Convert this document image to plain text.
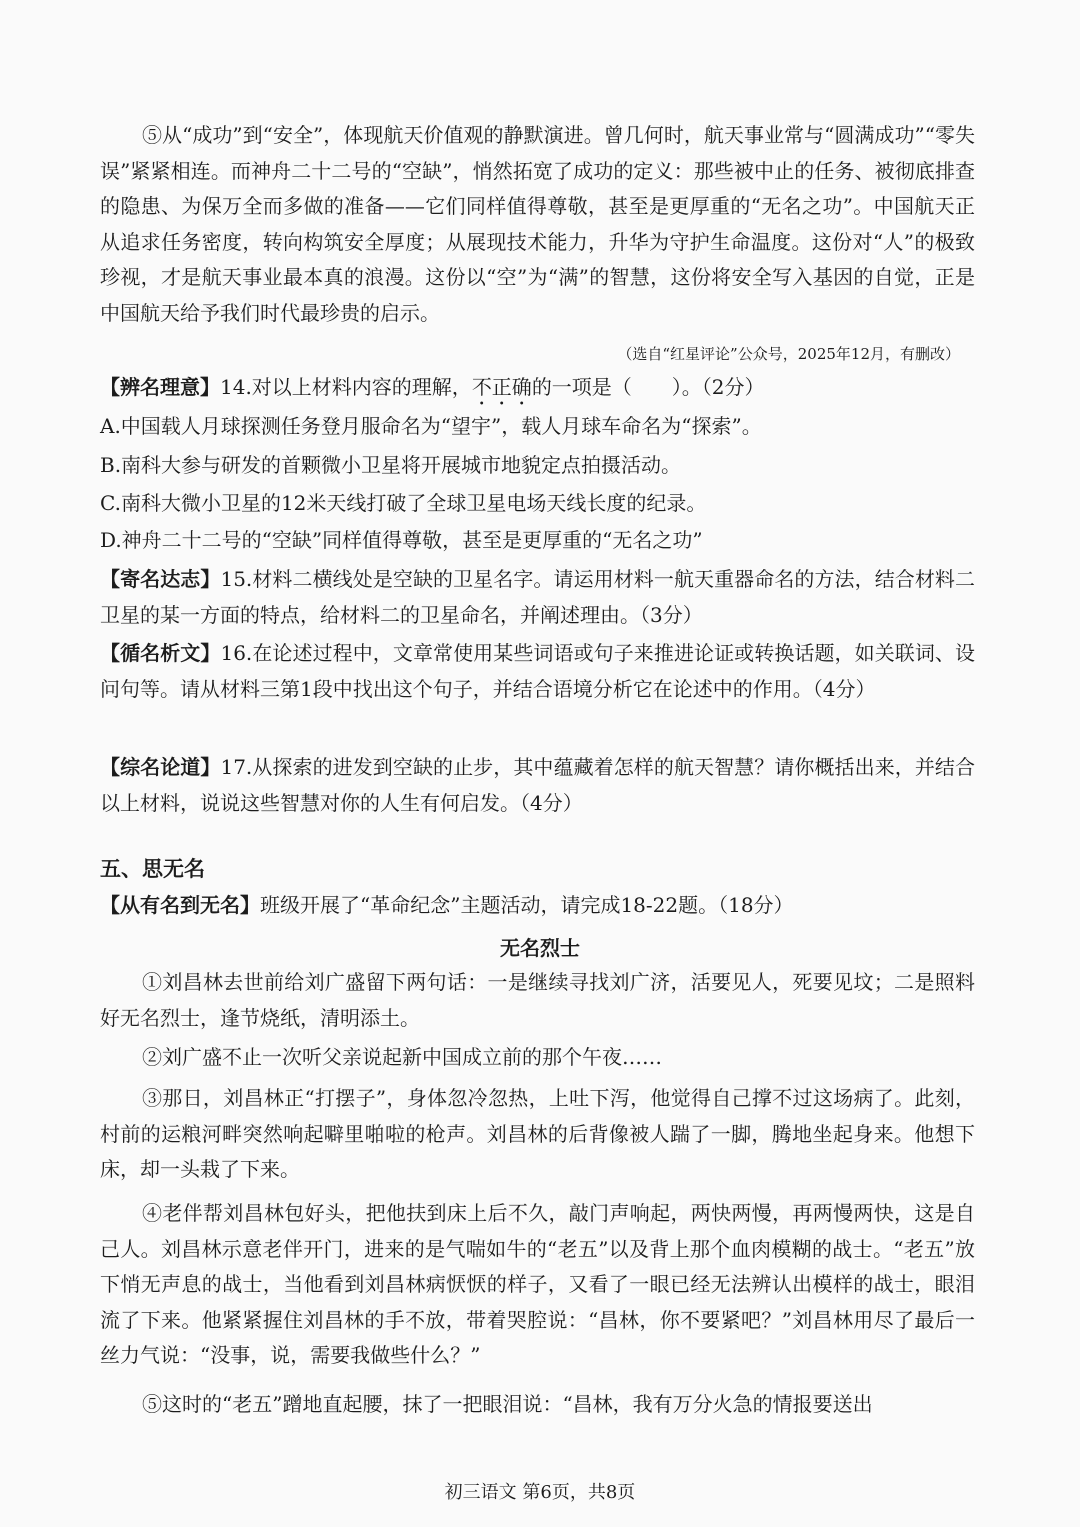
⑤从“成功”到“安全”，体现航天价值观的静默演进。曾几何时，航天事业常与“圆满成功”“零失误”紧紧相连。而神舟二十二号的“空缺”，悄然拓宽了成功的定义：那些被中止的任务、被彻底排查的隐患、为保万全而多做的准备——它们同样值得尊敬，甚至是更厚重的“无名之功”。中国航天正从追求任务密度，转向构筑安全厚度；从展现技术能力，升华为守护生命温度。这份对“人”的极致珍视，才是航天事业最本真的浪漫。这份以“空”为“满”的智慧，这份将安全写入基因的自觉，正是中国航天给予我们时代最珍贵的启示。
（选自“红星评论”公众号，2025年12月，有删改）
【辨名理意】14.对以上材料内容的理解，不正确的一项是（　　）。（2分）
A.中国载人月球探测任务登月服命名为“望宇”，载人月球车命名为“探索”。
B.南科大参与研发的首颗微小卫星将开展城市地貌定点拍摄活动。
C.南科大微小卫星的12米天线打破了全球卫星电场天线长度的纪录。
D.神舟二十二号的“空缺”同样值得尊敬，甚至是更厚重的“无名之功”
【寄名达志】15.材料二横线处是空缺的卫星名字。请运用材料一航天重器命名的方法，结合材料二卫星的某一方面的特点，给材料二的卫星命名，并阐述理由。（3分）
【循名析文】16.在论述过程中，文章常使用某些词语或句子来推进论证或转换话题，如关联词、设问句等。请从材料三第1段中找出这个句子，并结合语境分析它在论述中的作用。（4分）
【综名论道】17.从探索的进发到空缺的止步，其中蕴藏着怎样的航天智慧？请你概括出来，并结合以上材料，说说这些智慧对你的人生有何启发。（4分）
五、思无名
【从有名到无名】班级开展了“革命纪念”主题活动，请完成18-22题。（18分）
无名烈士
①刘昌林去世前给刘广盛留下两句话：一是继续寻找刘广济，活要见人，死要见坟；二是照料好无名烈士，逢节烧纸，清明添土。
②刘广盛不止一次听父亲说起新中国成立前的那个午夜……
③那日，刘昌林正“打摆子”，身体忽冷忽热，上吐下泻，他觉得自己撑不过这场病了。此刻，村前的运粮河畔突然响起噼里啪啦的枪声。刘昌林的后背像被人踹了一脚，腾地坐起身来。他想下床，却一头栽了下来。
④老伴帮刘昌林包好头，把他扶到床上后不久，敲门声响起，两快两慢，再两慢两快，这是自己人。刘昌林示意老伴开门，进来的是气喘如牛的“老五”以及背上那个血肉模糊的战士。“老五”放下悄无声息的战士，当他看到刘昌林病恹恹的样子，又看了一眼已经无法辨认出模样的战士，眼泪流了下来。他紧紧握住刘昌林的手不放，带着哭腔说：“昌林，你不要紧吧？”刘昌林用尽了最后一丝力气说：“没事，说，需要我做些什么？”
⑤这时的“老五”蹭地直起腰，抹了一把眼泪说：“昌林，我有万分火急的情报要送出
初三语文 第6页，共8页
